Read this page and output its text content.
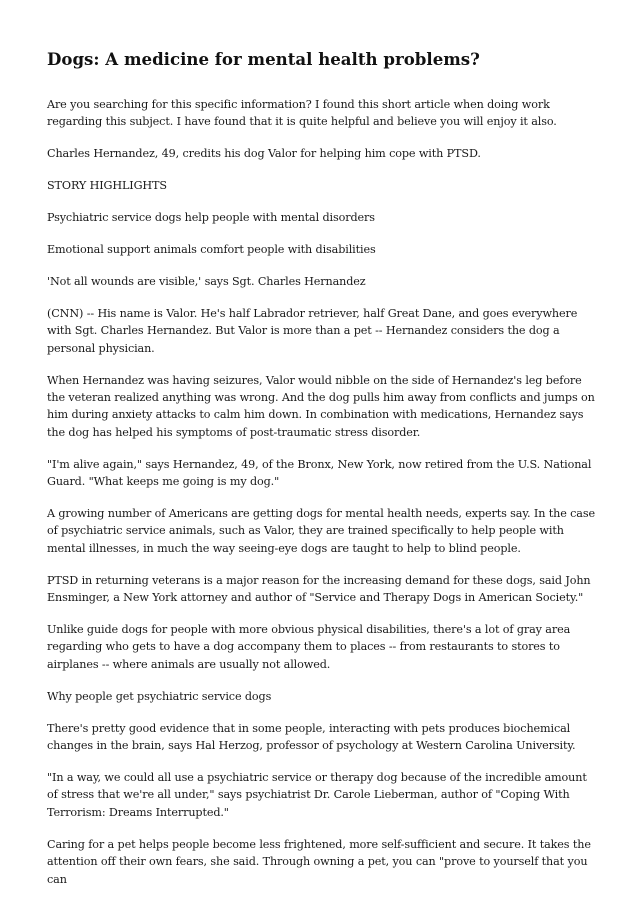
Dogs: A medicine for mental health problems?

Are you searching for this specific information? I found this short article when doing work regarding this subject. I have found that it is quite helpful and believe you will enjoy it also.

Charles Hernandez, 49, credits his dog Valor for helping him cope with PTSD.

STORY HIGHLIGHTS

Psychiatric service dogs help people with mental disorders

Emotional support animals comfort people with disabilities

'Not all wounds are visible,' says Sgt. Charles Hernandez

(CNN) -- His name is Valor. He's half Labrador retriever, half Great Dane, and goes everywhere with Sgt. Charles Hernandez. But Valor is more than a pet -- Hernandez considers the dog a personal physician.

When Hernandez was having seizures, Valor would nibble on the side of Hernandez's leg before the veteran realized anything was wrong. And the dog pulls him away from conflicts and jumps on him during anxiety attacks to calm him down. In combination with medications, Hernandez says the dog has helped his symptoms of post-traumatic stress disorder.

"I'm alive again," says Hernandez, 49, of the Bronx, New York, now retired from the U.S. National Guard. "What keeps me going is my dog."

A growing number of Americans are getting dogs for mental health needs, experts say. In the case of psychiatric service animals, such as Valor, they are trained specifically to help people with mental illnesses, in much the way seeing-eye dogs are taught to help to blind people.

PTSD in returning veterans is a major reason for the increasing demand for these dogs, said John Ensminger, a New York attorney and author of "Service and Therapy Dogs in American Society."

Unlike guide dogs for people with more obvious physical disabilities, there's a lot of gray area regarding who gets to have a dog accompany them to places -- from restaurants to stores to airplanes -- where animals are usually not allowed.

Why people get psychiatric service dogs

There's pretty good evidence that in some people, interacting with pets produces biochemical changes in the brain, says Hal Herzog, professor of psychology at Western Carolina University.

"In a way, we could all use a psychiatric service or therapy dog because of the incredible amount of stress that we're all under," says psychiatrist Dr. Carole Lieberman, author of "Coping With Terrorism: Dreams Interrupted."

Caring for a pet helps people become less frightened, more self-sufficient and secure. It takes the attention off their own fears, she said. Through owning a pet, you can "prove to yourself that you can
